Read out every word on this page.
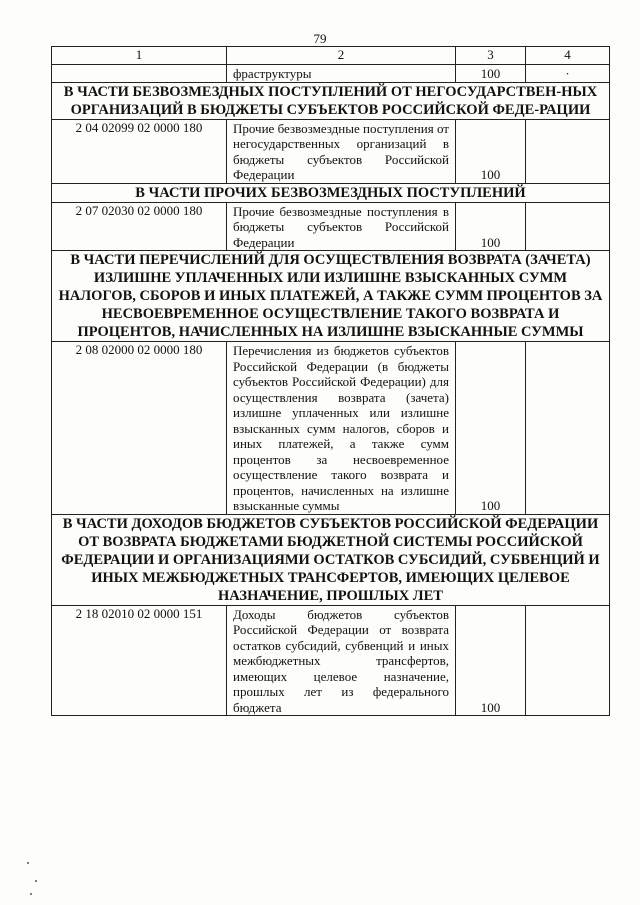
79
1	2	3	4
	фраструктуры	100	·
В ЧАСТИ БЕЗВОЗМЕЗДНЫХ ПОСТУПЛЕНИЙ ОТ НЕГОСУДАРСТВЕН-НЫХ ОРГАНИЗАЦИЙ В БЮДЖЕТЫ СУБЪЕКТОВ РОССИЙСКОЙ ФЕДЕ-РАЦИИ			
2 04 02099 02 0000 180	Прочие безвозмездные поступления от негосударственных организаций в бюджеты субъектов Российской Федерации	100	
В ЧАСТИ ПРОЧИХ БЕЗВОЗМЕЗДНЫХ ПОСТУПЛЕНИЙ			
2 07 02030 02 0000 180	Прочие безвозмездные поступления в бюджеты субъектов Российской Федерации	100	
В ЧАСТИ ПЕРЕЧИСЛЕНИЙ ДЛЯ ОСУЩЕСТВЛЕНИЯ ВОЗВРАТА (ЗАЧЕТА) ИЗЛИШНЕ УПЛАЧЕННЫХ ИЛИ ИЗЛИШНЕ ВЗЫСКАННЫХ СУММ НАЛОГОВ, СБОРОВ И ИНЫХ ПЛАТЕЖЕЙ, А ТАКЖЕ СУММ ПРОЦЕНТОВ ЗА НЕСВОЕВРЕМЕННОЕ ОСУЩЕСТВЛЕНИЕ ТАКОГО ВОЗВРАТА И ПРОЦЕНТОВ, НАЧИСЛЕННЫХ НА ИЗЛИШНЕ ВЗЫСКАННЫЕ СУММЫ			
2 08 02000 02 0000 180	Перечисления из бюджетов субъектов Российской Федерации (в бюджеты субъектов Российской Федерации) для осуществления возврата (зачета) излишне уплаченных или излишне взысканных сумм налогов, сборов и иных платежей, а также сумм процентов за несвоевременное осуществление такого возврата и процентов, начисленных на излишне взысканные суммы	100	
В ЧАСТИ ДОХОДОВ БЮДЖЕТОВ СУБЪЕКТОВ РОССИЙСКОЙ ФЕДЕРАЦИИ ОТ ВОЗВРАТА БЮДЖЕТАМИ БЮДЖЕТНОЙ СИСТЕМЫ РОССИЙСКОЙ ФЕДЕРАЦИИ И ОРГАНИЗАЦИЯМИ ОСТАТКОВ СУБСИДИЙ, СУБВЕНЦИЙ И ИНЫХ МЕЖБЮДЖЕТНЫХ ТРАНСФЕРТОВ, ИМЕЮЩИХ ЦЕЛЕВОЕ НАЗНАЧЕНИЕ, ПРОШЛЫХ ЛЕТ			
2 18 02010 02 0000 151	Доходы бюджетов субъектов Российской Федерации от возврата остатков субсидий, субвенций и иных межбюджетных трансфертов, имеющих целевое назначение, прошлых лет из федерального бюджета	100	
